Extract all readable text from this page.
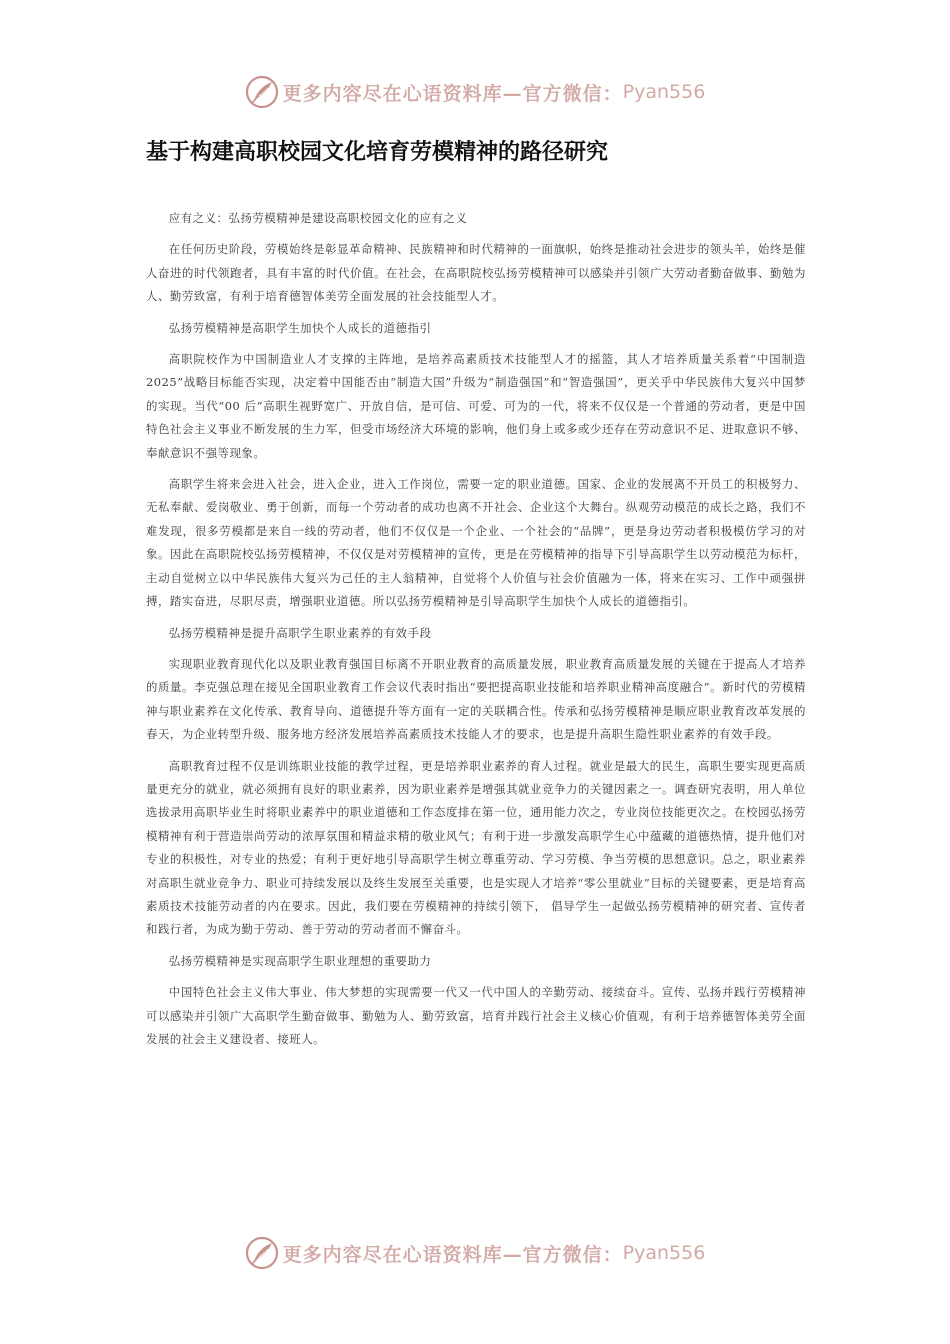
更多内容尽在心语资料库—官方微信： Pyan556
基于构建高职校园文化培育劳模精神的路径研究

应有之义：弘扬劳模精神是建设高职校园文化的应有之义

在任何历史阶段，劳模始终是彰显革命精神、民族精神和时代精神的一面旗帜，始终是推动社会进步的领头羊，始终是催人奋进的时代领跑者，具有丰富的时代价值。在社会，在高职院校弘扬劳模精神可以感染并引领广大劳动者勤奋做事、勤勉为人、勤劳致富，有利于培育德智体美劳全面发展的社会技能型人才。

弘扬劳模精神是高职学生加快个人成长的道德指引

高职院校作为中国制造业人才支撑的主阵地，是培养高素质技术技能型人才的摇篮，其人才培养质量关系着“中国制造 2025”战略目标能否实现，决定着中国能否由“制造大国”升级为“制造强国”和“智造强国”，更关乎中华民族伟大复兴中国梦的实现。当代“00 后”高职生视野宽广、开放自信，是可信、可爱、可为的一代，将来不仅仅是一个普通的劳动者，更是中国特色社会主义事业不断发展的生力军，但受市场经济大环境的影响，他们身上或多或少还存在劳动意识不足、进取意识不够、奉献意识不强等现象。

高职学生将来会进入社会，进入企业，进入工作岗位，需要一定的职业道德。国家、企业的发展离不开员工的积极努力、无私奉献、爱岗敬业、勇于创新，而每一个劳动者的成功也离不开社会、企业这个大舞台。纵观劳动模范的成长之路，我们不难发现，很多劳模都是来自一线的劳动者，他们不仅仅是一个企业、一个社会的“品牌”，更是身边劳动者积极模仿学习的对象。因此在高职院校弘扬劳模精神，不仅仅是对劳模精神的宣传，更是在劳模精神的指导下引导高职学生以劳动模范为标杆，主动自觉树立以中华民族伟大复兴为己任的主人翁精神，自觉将个人价值与社会价值融为一体，将来在实习、工作中顽强拼搏，踏实奋进，尽职尽责，增强职业道德。所以弘扬劳模精神是引导高职学生加快个人成长的道德指引。

弘扬劳模精神是提升高职学生职业素养的有效手段

实现职业教育现代化以及职业教育强国目标离不开职业教育的高质量发展，职业教育高质量发展的关键在于提高人才培养的质量。李克强总理在接见全国职业教育工作会议代表时指出“要把提高职业技能和培养职业精神高度融合”。新时代的劳模精神与职业素养在文化传承、教育导向、道德提升等方面有一定的关联耦合性。传承和弘扬劳模精神是顺应职业教育改革发展的春天，为企业转型升级、服务地方经济发展培养高素质技术技能人才的要求，也是提升高职生隐性职业素养的有效手段。

高职教育过程不仅是训练职业技能的教学过程，更是培养职业素养的育人过程。就业是最大的民生，高职生要实现更高质量更充分的就业，就必须拥有良好的职业素养，因为职业素养是增强其就业竞争力的关键因素之一。调查研究表明，用人单位选拔录用高职毕业生时将职业素养中的职业道德和工作态度排在第一位，通用能力次之，专业岗位技能更次之。在校园弘扬劳模精神有利于营造崇尚劳动的浓厚氛围和精益求精的敬业风气；有利于进一步激发高职学生心中蕴藏的道德热情，提升他们对专业的积极性，对专业的热爱；有利于更好地引导高职学生树立尊重劳动、学习劳模、争当劳模的思想意识。总之，职业素养对高职生就业竞争力、职业可持续发展以及终生发展至关重要，也是实现人才培养“零公里就业”目标的关键要素，更是培育高素质技术技能劳动者的内在要求。因此，我们要在劳模精神的持续引领下， 倡导学生一起做弘扬劳模精神的研究者、宣传者和践行者，为成为勤于劳动、善于劳动的劳动者而不懈奋斗。

弘扬劳模精神是实现高职学生职业理想的重要助力

中国特色社会主义伟大事业、伟大梦想的实现需要一代又一代中国人的辛勤劳动、接续奋斗。宣传、弘扬并践行劳模精神可以感染并引领广大高职学生勤奋做事、勤勉为人、勤劳致富，培育并践行社会主义核心价值观，有利于培养德智体美劳全面发展的社会主义建设者、接班人。

更多内容尽在心语资料库—官方微信： Pyan556
